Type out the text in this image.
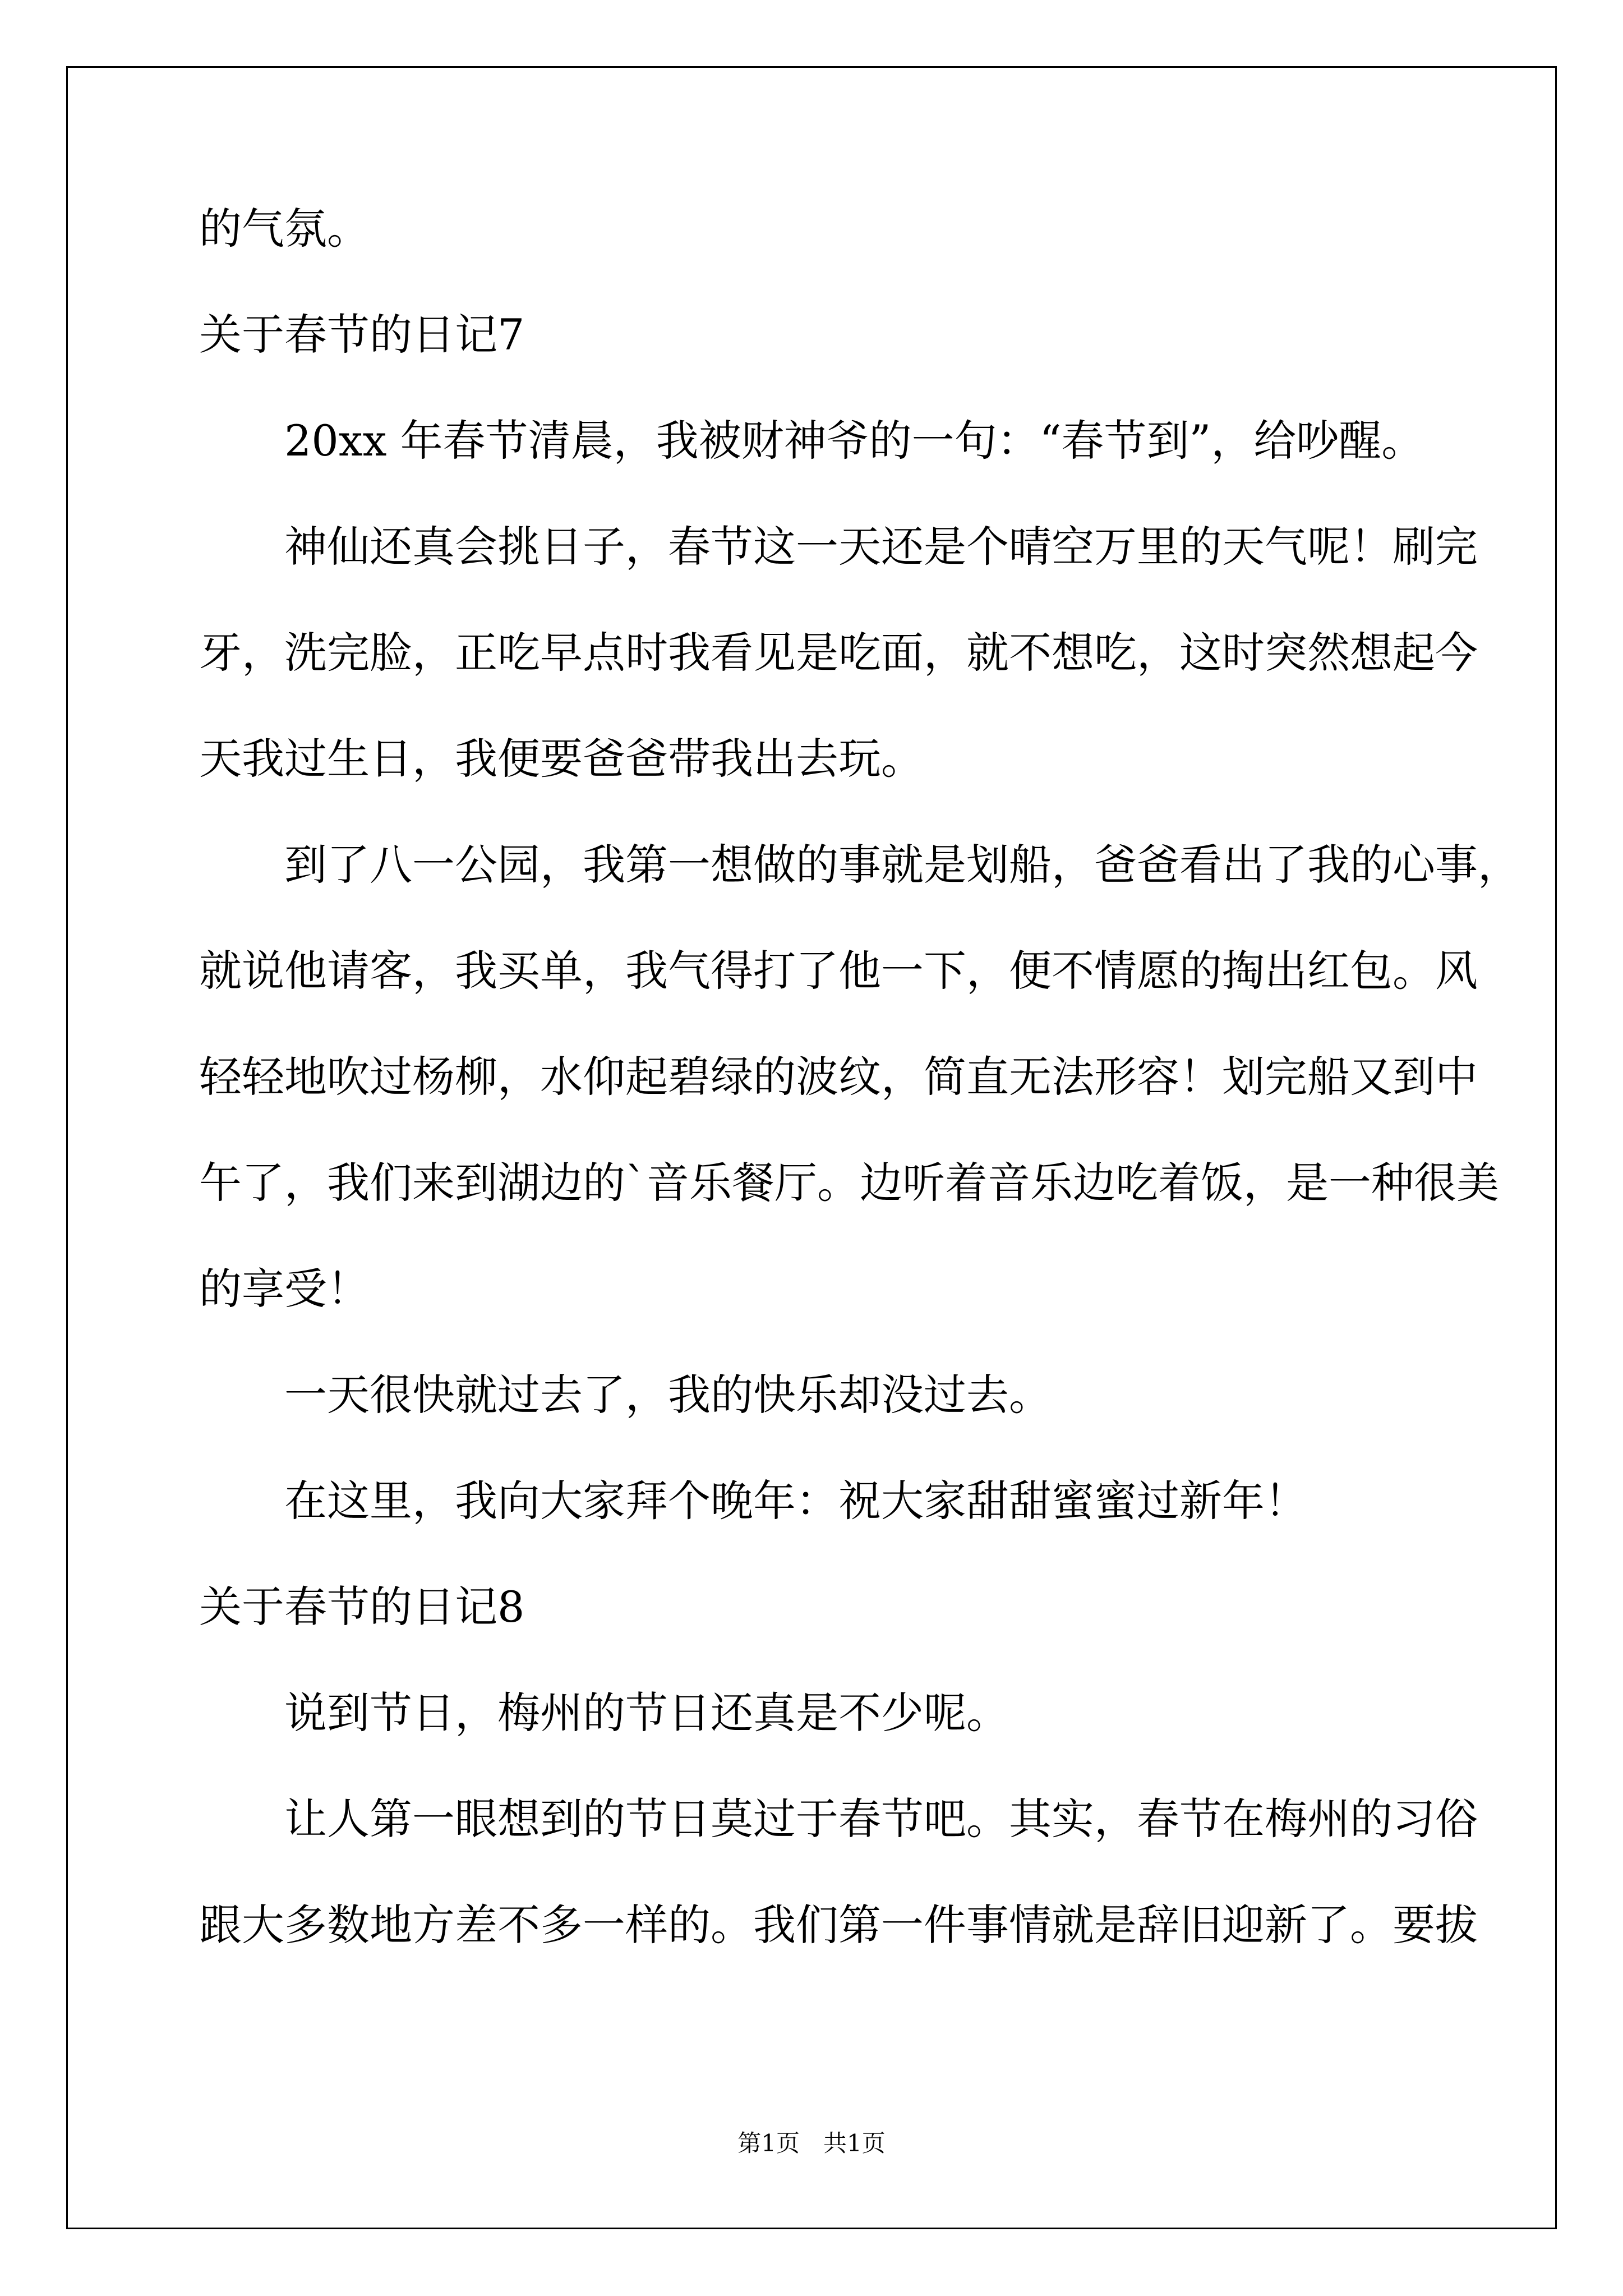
的气氛。
关于春节的日记7
20xx 年春节清晨，我被财神爷的一句：“春节到”，给吵醒。
神仙还真会挑日子，春节这一天还是个晴空万里的天气呢！刷完
牙，洗完脸，正吃早点时我看见是吃面，就不想吃，这时突然想起今
天我过生日，我便要爸爸带我出去玩。
到了八一公园，我第一想做的事就是划船，爸爸看出了我的心事，
就说他请客，我买单，我气得打了他一下，便不情愿的掏出红包。风
轻轻地吹过杨柳，水仰起碧绿的波纹，简直无法形容！划完船又到中
午了，我们来到湖边的`音乐餐厅。边听着音乐边吃着饭，是一种很美
的享受！
一天很快就过去了，我的快乐却没过去。
在这里，我向大家拜个晚年：祝大家甜甜蜜蜜过新年！
关于春节的日记8
说到节日，梅州的节日还真是不少呢。
让人第一眼想到的节日莫过于春节吧。其实，春节在梅州的习俗
跟大多数地方差不多一样的。我们第一件事情就是辞旧迎新了。要拔
第1页　共1页
